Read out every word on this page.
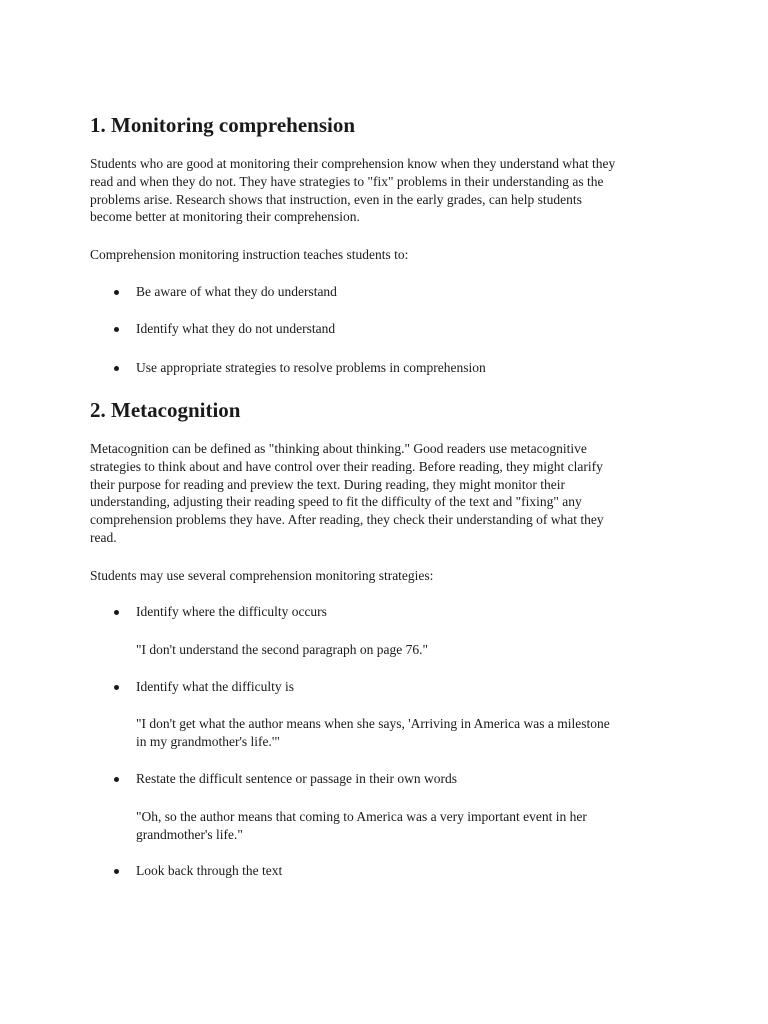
1. Monitoring comprehension

Students who are good at monitoring their comprehension know when they understand what they
read and when they do not. They have strategies to "fix" problems in their understanding as the
problems arise. Research shows that instruction, even in the early grades, can help students
become better at monitoring their comprehension.

Comprehension monitoring instruction teaches students to:

Be aware of what they do understand
Identify what they do not understand
Use appropriate strategies to resolve problems in comprehension
2. Metacognition

Metacognition can be defined as "thinking about thinking." Good readers use metacognitive
strategies to think about and have control over their reading. Before reading, they might clarify
their purpose for reading and preview the text. During reading, they might monitor their
understanding, adjusting their reading speed to fit the difficulty of the text and "fixing" any
comprehension problems they have. After reading, they check their understanding of what they
read.

Students may use several comprehension monitoring strategies:

Identify where the difficulty occurs
"I don't understand the second paragraph on page 76."
Identify what the difficulty is
"I don't get what the author means when she says, 'Arriving in America was a milestone
in my grandmother's life.'"
Restate the difficult sentence or passage in their own words
"Oh, so the author means that coming to America was a very important event in her
grandmother's life."
Look back through the text
